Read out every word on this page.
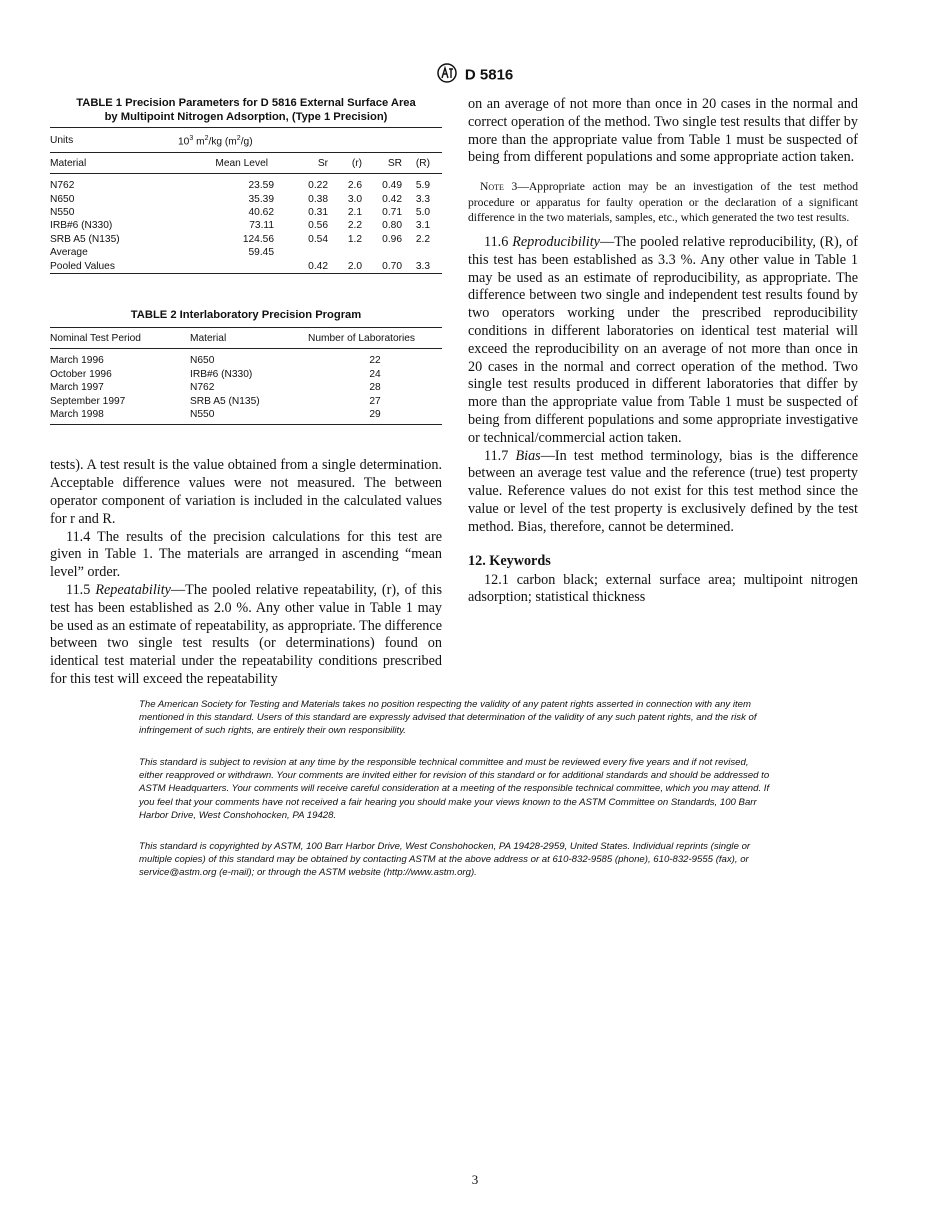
D 5816
TABLE 1 Precision Parameters for D 5816 External Surface Area
by Multipoint Nitrogen Adsorption, (Type 1 Precision)
Units	$10^3$ $m^2/kg$ $(m^2/g)$				
Material	Mean Level	Sr	(r)	SR	(R)
N762	23.59	0.22	2.6	0.49	5.9
N650	35.39	0.38	3.0	0.42	3.3
N550	40.62	0.31	2.1	0.71	5.0
IRB#6 (N330)	73.11	0.56	2.2	0.80	3.1
SRB A5 (N135)	124.56	0.54	1.2	0.96	2.2
Average	59.45				
Pooled Values		0.42	2.0	0.70	3.3
TABLE 2 Interlaboratory Precision Program
Nominal Test Period	Material	Number of Laboratories
March 1996	N650	22
October 1996	IRB#6 (N330)	24
March 1997	N762	28
September 1997	SRB A5 (N135)	27
March 1998	N550	29

tests). A test result is the value obtained from a single determination. Acceptable difference values were not measured. The between operator component of variation is included in the calculated values for r and R.

11.4 The results of the precision calculations for this test are given in Table 1. The materials are arranged in ascending “mean level” order.

11.5 Repeatability—The pooled relative repeatability, (r), of this test has been established as 2.0 %. Any other value in Table 1 may be used as an estimate of repeatability, as appropriate. The difference between two single test results (or determinations) found on identical test material under the repeatability conditions prescribed for this test will exceed the repeatability

on an average of not more than once in 20 cases in the normal and correct operation of the method. Two single test results that differ by more than the appropriate value from Table 1 must be suspected of being from different populations and some appropriate action taken.

Note 3—Appropriate action may be an investigation of the test method procedure or apparatus for faulty operation or the declaration of a significant difference in the two materials, samples, etc., which generated the two test results.

11.6 Reproducibility—The pooled relative reproducibility, (R), of this test has been established as 3.3 %. Any other value in Table 1 may be used as an estimate of reproducibility, as appropriate. The difference between two single and independent test results found by two operators working under the prescribed reproducibility conditions in different laboratories on identical test material will exceed the reproducibility on an average of not more than once in 20 cases in the normal and correct operation of the method. Two single test results produced in different laboratories that differ by more than the appropriate value from Table 1 must be suspected of being from different populations and some appropriate investigative or technical/commercial action taken.

11.7 Bias—In test method terminology, bias is the difference between an average test value and the reference (true) test property value. Reference values do not exist for this test method since the value or level of the test property is exclusively defined by the test method. Bias, therefore, cannot be determined.

12. Keywords

12.1 carbon black; external surface area; multipoint nitrogen adsorption; statistical thickness

The American Society for Testing and Materials takes no position respecting the validity of any patent rights asserted in connection with any item mentioned in this standard. Users of this standard are expressly advised that determination of the validity of any such patent rights, and the risk of infringement of such rights, are entirely their own responsibility.

This standard is subject to revision at any time by the responsible technical committee and must be reviewed every five years and if not revised, either reapproved or withdrawn. Your comments are invited either for revision of this standard or for additional standards and should be addressed to ASTM Headquarters. Your comments will receive careful consideration at a meeting of the responsible technical committee, which you may attend. If you feel that your comments have not received a fair hearing you should make your views known to the ASTM Committee on Standards, 100 Barr Harbor Drive, West Conshohocken, PA 19428.

This standard is copyrighted by ASTM, 100 Barr Harbor Drive, West Conshohocken, PA 19428-2959, United States. Individual reprints (single or multiple copies) of this standard may be obtained by contacting ASTM at the above address or at 610-832-9585 (phone), 610-832-9555 (fax), or service@astm.org (e-mail); or through the ASTM website (http://www.astm.org).

3
